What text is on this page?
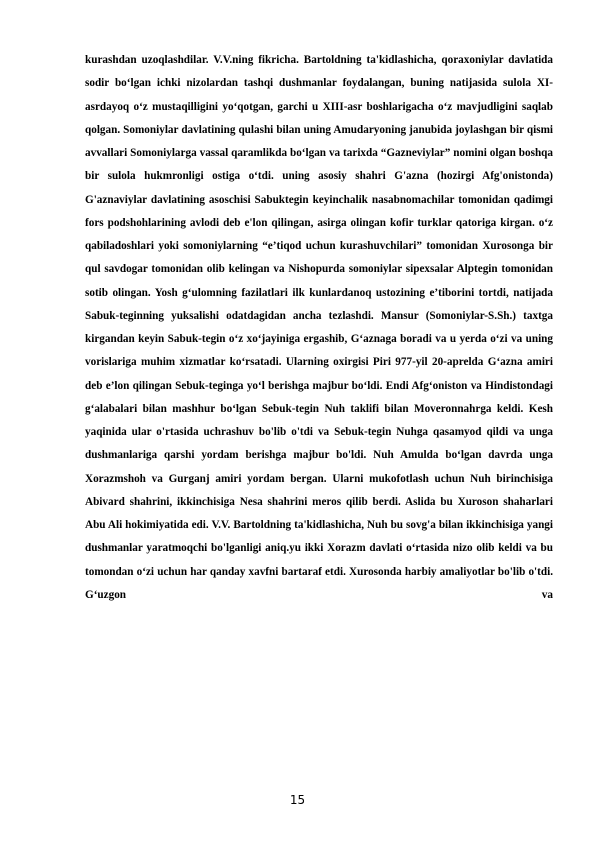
kurashdan uzoqlashdilar. V.V.ning fikricha. Bartoldning ta'kidlashicha, qoraxoniylar davlatida sodir bo‘lgan ichki nizolardan tashqi dushmanlar foydalangan, buning natijasida sulola XI-asrdayoq o‘z mustaqilligini yo‘qotgan, garchi u XIII-asr boshlarigacha o‘z mavjudligini saqlab qolgan. Somoniylar davlatining qulashi bilan uning Amudaryoning janubida joylashgan bir qismi avvallari Somoniylarga vassal qaramlikda bo‘lgan va tarixda “Gazneviylar” nomini olgan boshqa bir sulola hukmronligi ostiga o‘tdi. uning asosiy shahri G'azna (hozirgi Afg'onistonda) G'aznaviylar davlatining asoschisi Sabuktegin keyinchalik nasabnomachilar tomonidan qadimgi fors podshohlarining avlodi deb e'lon qilingan, asirga olingan kofir turklar qatoriga kirgan. o‘z qabiladoshlari yoki somoniylarning “e’tiqod uchun kurashuvchilari” tomonidan Xurosonga bir qul savdogar tomonidan olib kelingan va Nishopurda somoniylar sipexsalar Alptegin tomonidan sotib olingan. Yosh g‘ulomning fazilatlari ilk kunlardanoq ustozining e’tiborini tortdi, natijada Sabuk-teginning yuksalishi odatdagidan ancha tezlashdi. Mansur (Somoniylar-S.Sh.) taxtga kirgandan keyin Sabuk-tegin o‘z xo‘jayiniga ergashib, G‘aznaga boradi va u yerda o‘zi va uning vorislariga muhim xizmatlar ko‘rsatadi. Ularning oxirgisi Piri 977-yil 20-aprelda G‘azna amiri deb e’lon qilingan Sebuk-teginga yo‘l berishga majbur bo‘ldi. Endi Afg‘oniston va Hindistondagi g‘alabalari bilan mashhur bo‘lgan Sebuk-tegin Nuh taklifi bilan Moveronnahrga keldi. Kesh yaqinida ular o'rtasida uchrashuv bo'lib o'tdi va Sebuk-tegin Nuhga qasamyod qildi va unga dushmanlariga qarshi yordam berishga majbur bo'ldi. Nuh Amulda bo‘lgan davrda unga Xorazmshoh va Gurganj amiri yordam bergan. Ularni mukofotlash uchun Nuh birinchisiga Abivard shahrini, ikkinchisiga Nesa shahrini meros qilib berdi. Aslida bu Xuroson shaharlari Abu Ali hokimiyatida edi. V.V. Bartoldning ta'kidlashicha, Nuh bu sovg'a bilan ikkinchisiga yangi dushmanlar yaratmoqchi bo'lganligi aniq.yu ikki Xorazm davlati o‘rtasida nizo olib keldi va bu tomondan o‘zi uchun har qanday xavfni bartaraf etdi. Xurosonda harbiy amaliyotlar bo'lib o'tdi. G‘uzgon va

15
